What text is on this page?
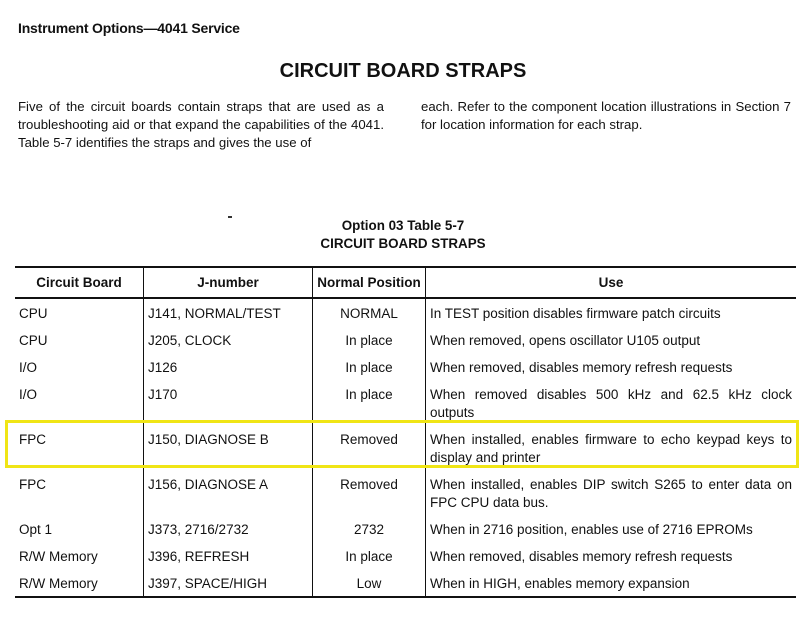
Instrument Options—4041 Service
CIRCUIT BOARD STRAPS
Five of the circuit boards contain straps that are used as a troubleshooting aid or that expand the capabilities of the 4041. Table 5-7 identifies the straps and gives the use of
each. Refer to the component location illustrations in Section 7 for location information for each strap.
Option 03 Table 5-7
CIRCUIT BOARD STRAPS
Circuit Board	J-number	Normal Position	Use
CPU	J141, NORMAL/TEST	NORMAL	In TEST position disables firmware patch circuits
CPU	J205, CLOCK	In place	When removed, opens oscillator U105 output
I/O	J126	In place	When removed, disables memory refresh requests
I/O	J170	In place	When removed disables 500 kHz and 62.5 kHz clock outputs
FPC	J150, DIAGNOSE B	Removed	When installed, enables firmware to echo keypad keys to display and printer
FPC	J156, DIAGNOSE A	Removed	When installed, enables DIP switch S265 to enter data on FPC CPU data bus.
Opt 1	J373, 2716/2732	2732	When in 2716 position, enables use of 2716 EPROMs
R/W Memory	J396, REFRESH	In place	When removed, disables memory refresh requests
R/W Memory	J397, SPACE/HIGH	Low	When in HIGH, enables memory expansion
